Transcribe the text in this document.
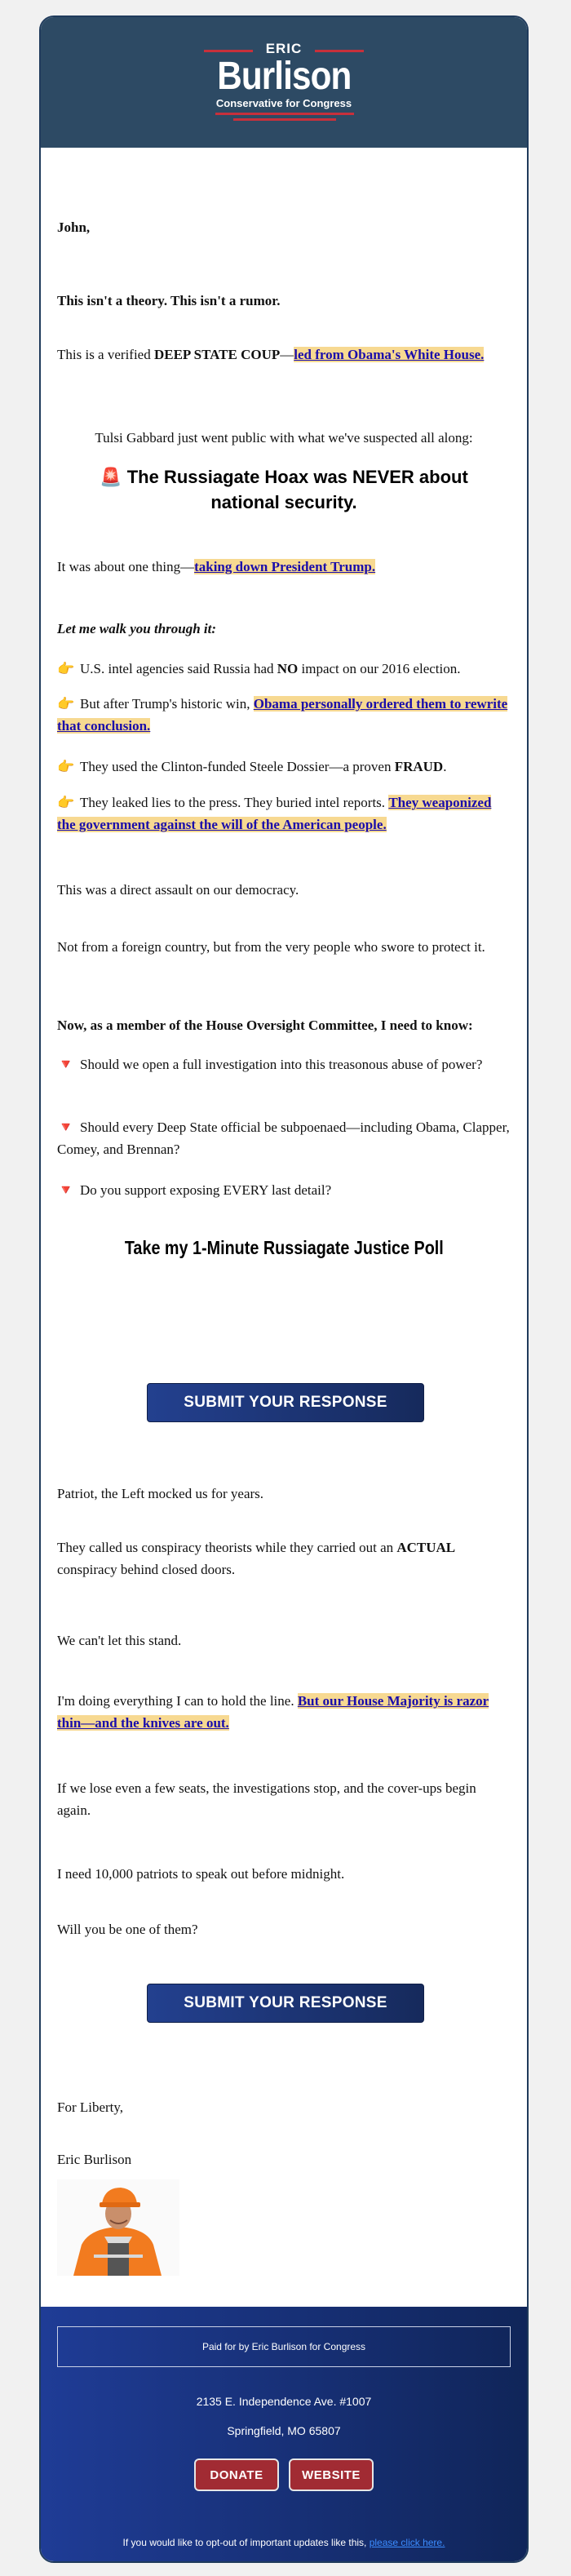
ERIC
Burlison
Conservative for Congress
John,
This isn't a theory. This isn't a rumor.
This is a verified DEEP STATE COUP—led from Obama's White House.
Tulsi Gabbard just went public with what we've suspected all along:
🚨 The Russiagate Hoax was NEVER about national security.
It was about one thing—taking down President Trump.
Let me walk you through it:
👉 U.S. intel agencies said Russia had NO impact on our 2016 election.
👉 But after Trump's historic win, Obama personally ordered them to rewrite that conclusion.
👉 They used the Clinton-funded Steele Dossier—a proven FRAUD.
👉 They leaked lies to the press. They buried intel reports. They weaponized the government against the will of the American people.
This was a direct assault on our democracy.
Not from a foreign country, but from the very people who swore to protect it.
Now, as a member of the House Oversight Committee, I need to know:
🔻 Should we open a full investigation into this treasonous abuse of power?
🔻 Should every Deep State official be subpoenaed—including Obama, Clapper, Comey, and Brennan?
🔻 Do you support exposing EVERY last detail?
Take my 1-Minute Russiagate Justice Poll
SUBMIT YOUR RESPONSE
Patriot, the Left mocked us for years.
They called us conspiracy theorists while they carried out an ACTUAL conspiracy behind closed doors.
We can't let this stand.
I'm doing everything I can to hold the line. But our House Majority is razor thin—and the knives are out.
If we lose even a few seats, the investigations stop, and the cover-ups begin again.
I need 10,000 patriots to speak out before midnight.
Will you be one of them?
SUBMIT YOUR RESPONSE
For Liberty,
Eric Burlison
Paid for by Eric Burlison for Congress
2135 E. Independence Ave. #1007
Springfield, MO 65807
If you would like to opt-out of important updates like this, please click here.
DONATE	WEBSITE
